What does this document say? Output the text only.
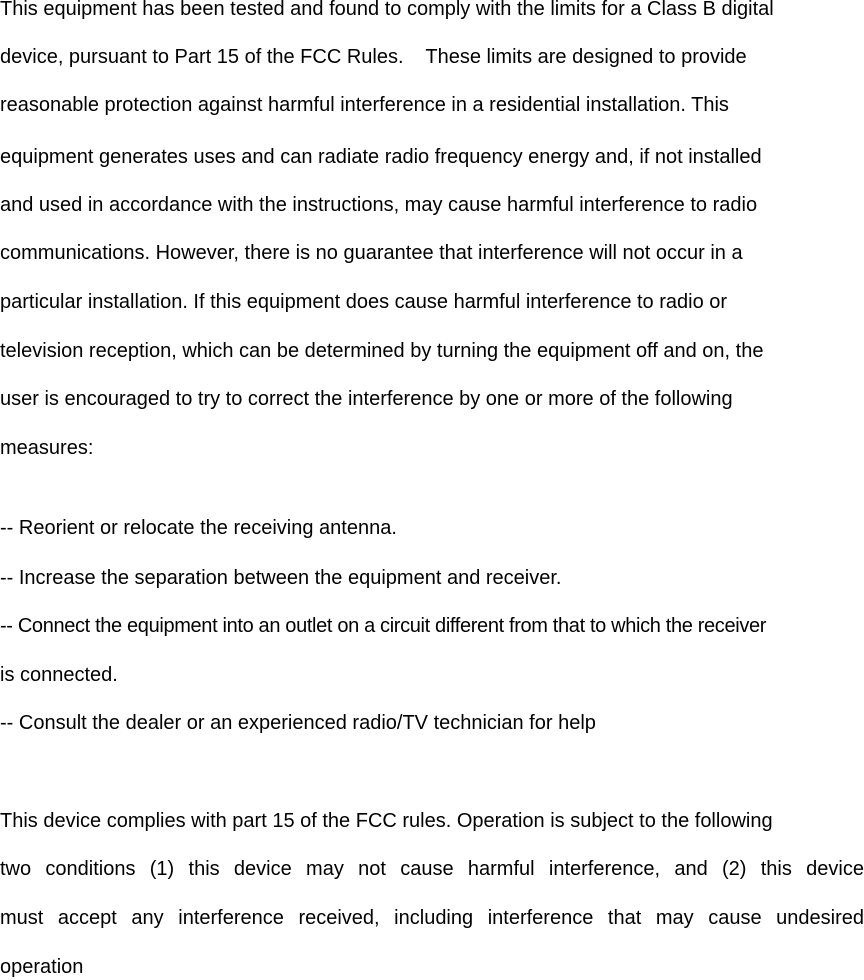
This equipment has been tested and found to comply with the limits for a Class B digital
device, pursuant to Part 15 of the FCC Rules.    These limits are designed to provide
reasonable protection against harmful interference in a residential installation. This
equipment generates uses and can radiate radio frequency energy and, if not installed
and used in accordance with the instructions, may cause harmful interference to radio
communications. However, there is no guarantee that interference will not occur in a
particular installation. If this equipment does cause harmful interference to radio or
television reception, which can be determined by turning the equipment off and on, the
user is encouraged to try to correct the interference by one or more of the following
measures:
-- Reorient or relocate the receiving antenna.
-- Increase the separation between the equipment and receiver.
-- Connect the equipment into an outlet on a circuit different from that to which the receiver
is connected.
-- Consult the dealer or an experienced radio/TV technician for help
This device complies with part 15 of the FCC rules. Operation is subject to the following
two conditions (1) this device may not cause harmful interference, and (2) this device
must accept any interference received, including interference that may cause undesired
operation
